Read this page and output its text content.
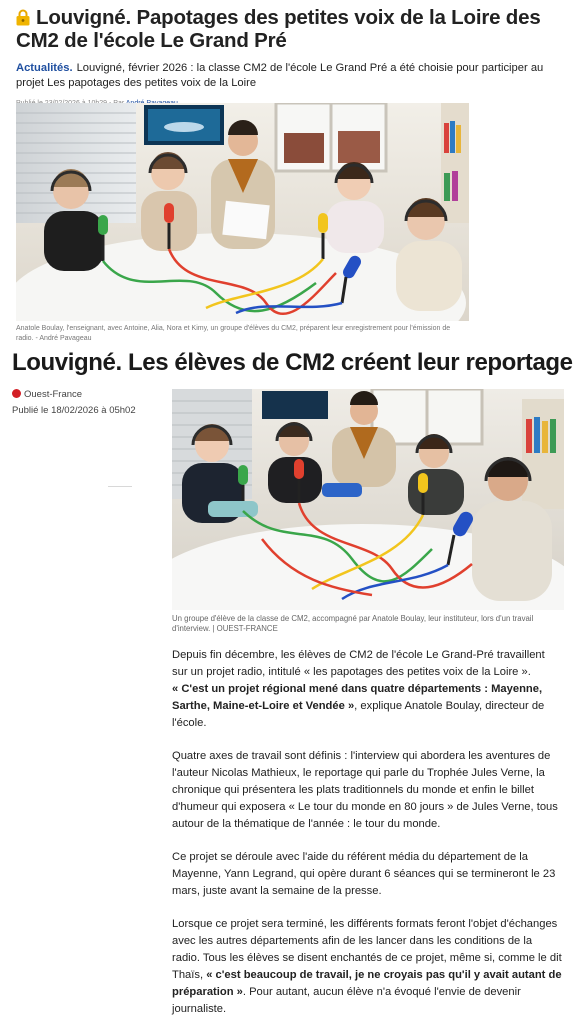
Louvigné. Papotages des petites voix de la Loire des CM2 de l'école Le Grand Pré
Actualités. Louvigné, février 2026 : la classe CM2 de l'école Le Grand Pré a été choisie pour participer au projet Les papotages des petites voix de la Loire
Anatole Boulay, l'enseignant, avec Antoine, Alia, Nora et Kimy, un groupe d'élèves du CM2, préparent leur enregistrement pour l'émission de radio. - André Pavageau
Louvigné. Les élèves de CM2 créent leur reportage
Ouest-France
Publié le 18/02/2026 à 05h02
Un groupe d'élève de la classe de CM2, accompagné par Anatole Boulay, leur instituteur, lors d'un travail d'interview. | OUEST-FRANCE

Depuis fin décembre, les élèves de CM2 de l'école Le Grand-Pré travaillent sur un projet radio, intitulé « les papotages des petites voix de la Loire ».
« C'est un projet régional mené dans quatre départements : Mayenne, Sarthe, Maine-et-Loire et Vendée », explique Anatole Boulay, directeur de l'école.

Quatre axes de travail sont définis : l'interview qui abordera les aventures de l'auteur Nicolas Mathieux, le reportage qui parle du Trophée Jules Verne, la chronique qui présentera les plats traditionnels du monde et enfin le billet d'humeur qui exposera « Le tour du monde en 80 jours » de Jules Verne, tous autour de la thématique de l'année : le tour du monde.

Ce projet se déroule avec l'aide du référent média du département de la Mayenne, Yann Legrand, qui opère durant 6 séances qui se termineront le 23 mars, juste avant la semaine de la presse.

Lorsque ce projet sera terminé, les différents formats feront l'objet d'échanges avec les autres départements afin de les lancer dans les conditions de la radio. Tous les élèves se disent enchantés de ce projet, même si, comme le dit Thaïs, « c'est beaucoup de travail, je ne croyais pas qu'il y avait autant de préparation ». Pour autant, aucun élève n'a évoqué l'envie de devenir journaliste.
